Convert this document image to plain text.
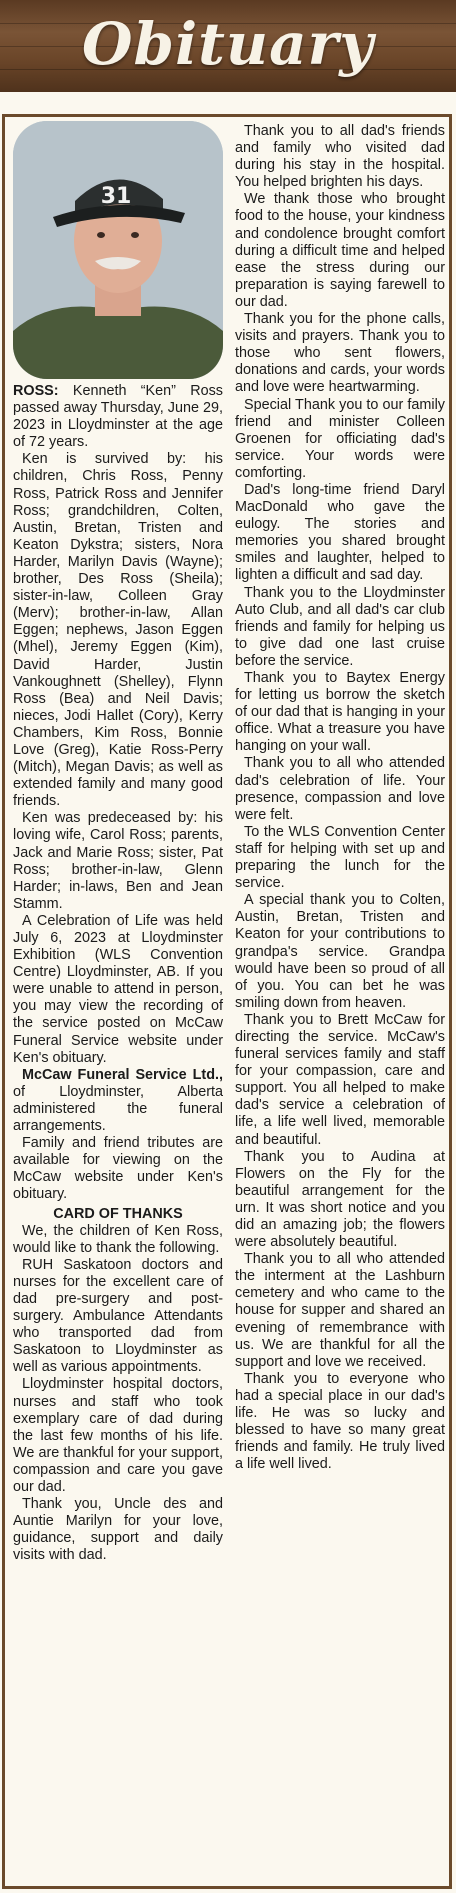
Obituary
31

ROSS: Kenneth “Ken” Ross passed away Thursday, June 29, 2023 in Lloydminster at the age of 72 years.

Ken is survived by: his children, Chris Ross, Penny Ross, Patrick Ross and Jennifer Ross; grandchildren, Colten, Austin, Bretan, Tristen and Keaton Dykstra; sisters, Nora Harder, Marilyn Davis (Wayne); brother, Des Ross (Sheila); sister-in-law, Colleen Gray (Merv); brother-in-law, Allan Eggen; nephews, Jason Eggen (Mhel), Jeremy Eggen (Kim), David Harder, Justin Vankoughnett (Shelley), Flynn Ross (Bea) and Neil Davis; nieces, Jodi Hallet (Cory), Kerry Chambers, Kim Ross, Bonnie Love (Greg), Katie Ross-Perry (Mitch), Megan Davis; as well as extended family and many good friends.

Ken was predeceased by: his loving wife, Carol Ross; parents, Jack and Marie Ross; sister, Pat Ross; brother-in-law, Glenn Harder; in-laws, Ben and Jean Stamm.

A Celebration of Life was held July 6, 2023 at Lloydminster Exhibition (WLS Convention Centre) Lloydminster, AB. If you were unable to attend in person, you may view the recording of the service posted on McCaw Funeral Service website under Ken's obituary.

McCaw Funeral Service Ltd., of Lloydminster, Alberta administered the funeral arrangements.

Family and friend tributes are available for viewing on the McCaw website under Ken's obituary.

CARD OF THANKS

We, the children of Ken Ross, would like to thank the following.

RUH Saskatoon doctors and nurses for the excellent care of dad pre-surgery and post-surgery. Ambulance Attendants who transported dad from Saskatoon to Lloydminster as well as various appointments.

Lloydminster hospital doctors, nurses and staff who took exemplary care of dad during the last few months of his life. We are thankful for your support, compassion and care you gave our dad.

Thank you, Uncle des and Auntie Marilyn for your love, guidance, support and daily visits with dad.

Thank you to all dad's friends and family who visited dad during his stay in the hospital. You helped brighten his days.

We thank those who brought food to the house, your kindness and condolence brought comfort during a difficult time and helped ease the stress during our preparation is saying farewell to our dad.

Thank you for the phone calls, visits and prayers. Thank you to those who sent flowers, donations and cards, your words and love were heartwarming.

Special Thank you to our family friend and minister Colleen Groenen for officiating dad's service. Your words were comforting.

Dad's long-time friend Daryl MacDonald who gave the eulogy. The stories and memories you shared brought smiles and laughter, helped to lighten a difficult and sad day.

Thank you to the Lloydminster Auto Club, and all dad's car club friends and family for helping us to give dad one last cruise before the service.

Thank you to Baytex Energy for letting us borrow the sketch of our dad that is hanging in your office. What a treasure you have hanging on your wall.

Thank you to all who attended dad's celebration of life. Your presence, compassion and love were felt.

To the WLS Convention Center staff for helping with set up and preparing the lunch for the service.

A special thank you to Colten, Austin, Bretan, Tristen and Keaton for your contributions to grandpa's service. Grandpa would have been so proud of all of you. You can bet he was smiling down from heaven.

Thank you to Brett McCaw for directing the service. McCaw's funeral services family and staff for your compassion, care and support. You all helped to make dad's service a celebration of life, a life well lived, memorable and beautiful.

Thank you to Audina at Flowers on the Fly for the beautiful arrangement for the urn. It was short notice and you did an amazing job; the flowers were absolutely beautiful.

Thank you to all who attended the interment at the Lashburn cemetery and who came to the house for supper and shared an evening of remembrance with us. We are thankful for all the support and love we received.

Thank you to everyone who had a special place in our dad's life. He was so lucky and blessed to have so many great friends and family. He truly lived a life well lived.
